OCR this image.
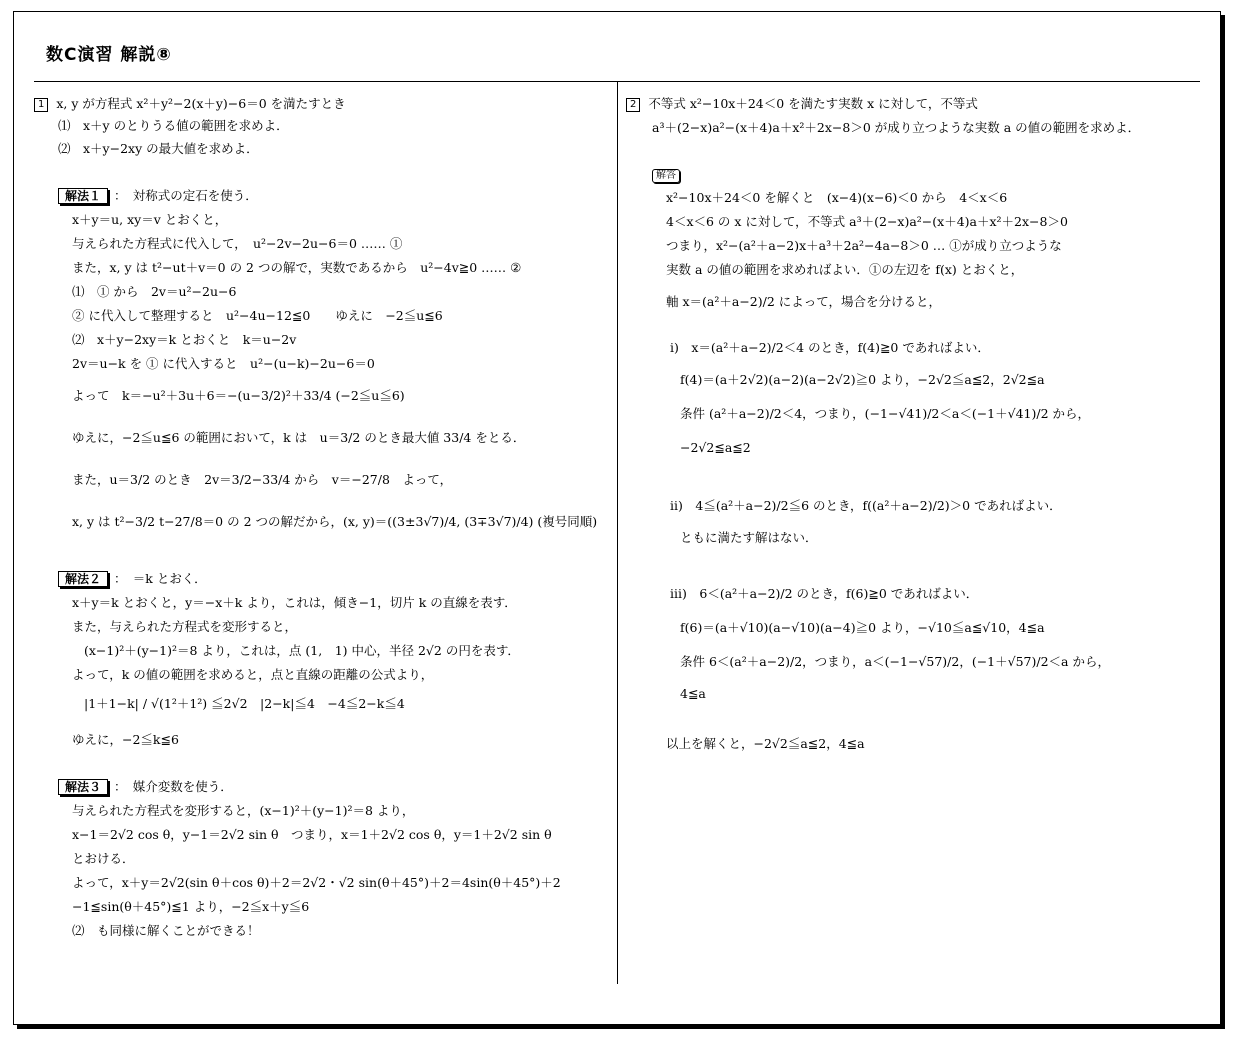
数C演習 解説⑧
1 x, y が方程式 x²＋y²−2(x＋y)−6＝0 を満たすとき
⑴　x＋y のとりうる値の範囲を求めよ．
⑵　x＋y−2xy の最大値を求めよ．
解法１ ：　対称式の定石を使う．
x＋y＝u, xy＝v とおくと，
与えられた方程式に代入して，　u²−2v−2u−6＝0 …… ①
また，x, y は t²−ut＋v＝0 の 2 つの解で，実数であるから　u²−4v≧0 …… ②
⑴　① から　2v＝u²−2u−6
② に代入して整理すると　u²−4u−12≦0　　ゆえに　−2≦u≦6
⑵　x＋y−2xy＝k とおくと　k＝u−2v
2v＝u−k を ① に代入すると　u²−(u−k)−2u−6＝0
よって　k＝−u²＋3u＋6＝−(u−3/2)²＋33/4 (−2≦u≦6)
ゆえに，−2≦u≦6 の範囲において，k は　u＝3/2 のとき最大値 33/4 をとる．
また，u＝3/2 のとき　2v＝3/2−33/4 から　v＝−27/8　よって，
x, y は t²−3/2 t−27/8＝0 の 2 つの解だから，(x, y)＝((3±3√7)/4, (3∓3√7)/4) (複号同順)
解法２ ：　＝k とおく．
x＋y＝k とおくと，y＝−x＋k より，これは，傾き−1，切片 k の直線を表す．
また，与えられた方程式を変形すると，
(x−1)²＋(y−1)²＝8 より，これは，点 (1,　1) 中心，半径 2√2 の円を表す．
よって，k の値の範囲を求めると，点と直線の距離の公式より，
|1＋1−k| / √(1²＋1²) ≦2√2　|2−k|≦4　−4≦2−k≦4
ゆえに，−2≦k≦6
解法３ ：　媒介変数を使う．
与えられた方程式を変形すると，(x−1)²＋(y−1)²＝8 より，
x−1＝2√2 cos θ，y−1＝2√2 sin θ　つまり，x＝1＋2√2 cos θ，y＝1＋2√2 sin θ
とおける．
よって，x＋y＝2√2(sin θ＋cos θ)＋2＝2√2・√2 sin(θ＋45°)＋2＝4sin(θ＋45°)＋2
−1≦sin(θ＋45°)≦1 より，−2≦x＋y≦6
⑵　も同様に解くことができる！
2 不等式 x²−10x＋24＜0 を満たす実数 x に対して，不等式
a³＋(2−x)a²−(x＋4)a＋x²＋2x−8＞0 が成り立つような実数 a の値の範囲を求めよ．
解答
x²−10x＋24＜0 を解くと　(x−4)(x−6)＜0 から　4＜x＜6
4＜x＜6 の x に対して，不等式 a³＋(2−x)a²−(x＋4)a＋x²＋2x−8＞0
つまり，x²−(a²＋a−2)x＋a³＋2a²−4a−8＞0 … ①が成り立つような
実数 a の値の範囲を求めればよい．①の左辺を f(x) とおくと，
軸 x＝(a²＋a−2)/2 によって，場合を分けると，
ⅰ)　x＝(a²＋a−2)/2＜4 のとき，f(4)≧0 であればよい．
f(4)＝(a＋2√2)(a−2)(a−2√2)≧0 より，−2√2≦a≦2，2√2≦a
条件 (a²＋a−2)/2＜4，つまり，(−1−√41)/2＜a＜(−1＋√41)/2 から，
−2√2≦a≦2
ⅱ)　4≦(a²＋a−2)/2≦6 のとき，f((a²＋a−2)/2)＞0 であればよい．
ともに満たす解はない．
ⅲ)　6＜(a²＋a−2)/2 のとき，f(6)≧0 であればよい．
f(6)＝(a＋√10)(a−√10)(a−4)≧0 より，−√10≦a≦√10，4≦a
条件 6＜(a²＋a−2)/2，つまり，a＜(−1−√57)/2，(−1＋√57)/2＜a から，
4≦a
以上を解くと，−2√2≦a≦2，4≦a
